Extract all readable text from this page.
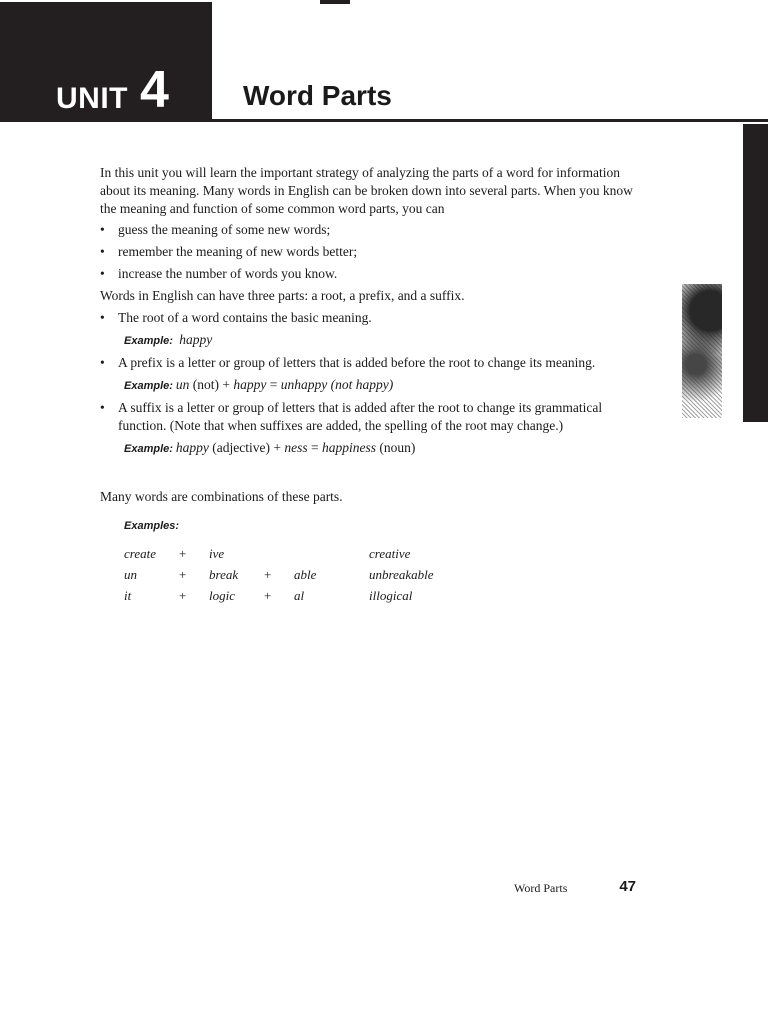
UNIT 4	Word Parts

In this unit you will learn the important strategy of analyzing the parts of a word for information about its meaning. Many words in English can be broken down into several parts. When you know the meaning and function of some common word parts, you can

• guess the meaning of some new words;
• remember the meaning of new words better;
• increase the number of words you know.

Words in English can have three parts: a root, a prefix, and a suffix.

• The root of a word contains the basic meaning.
Example: happy
• A prefix is a letter or group of letters that is added before the root to change its meaning.
Example: un (not) + happy = unhappy (not happy)
• A suffix is a letter or group of letters that is added after the root to change its grammatical function. (Note that when suffixes are added, the spelling of the root may change.)
Example: happy (adjective) + ness = happiness (noun)

Many words are combinations of these parts.

Examples:
create	+	ive			creative
un	+	break	+	able	unbreakable
it	+	logic	+	al	illogical
Word Parts	47
